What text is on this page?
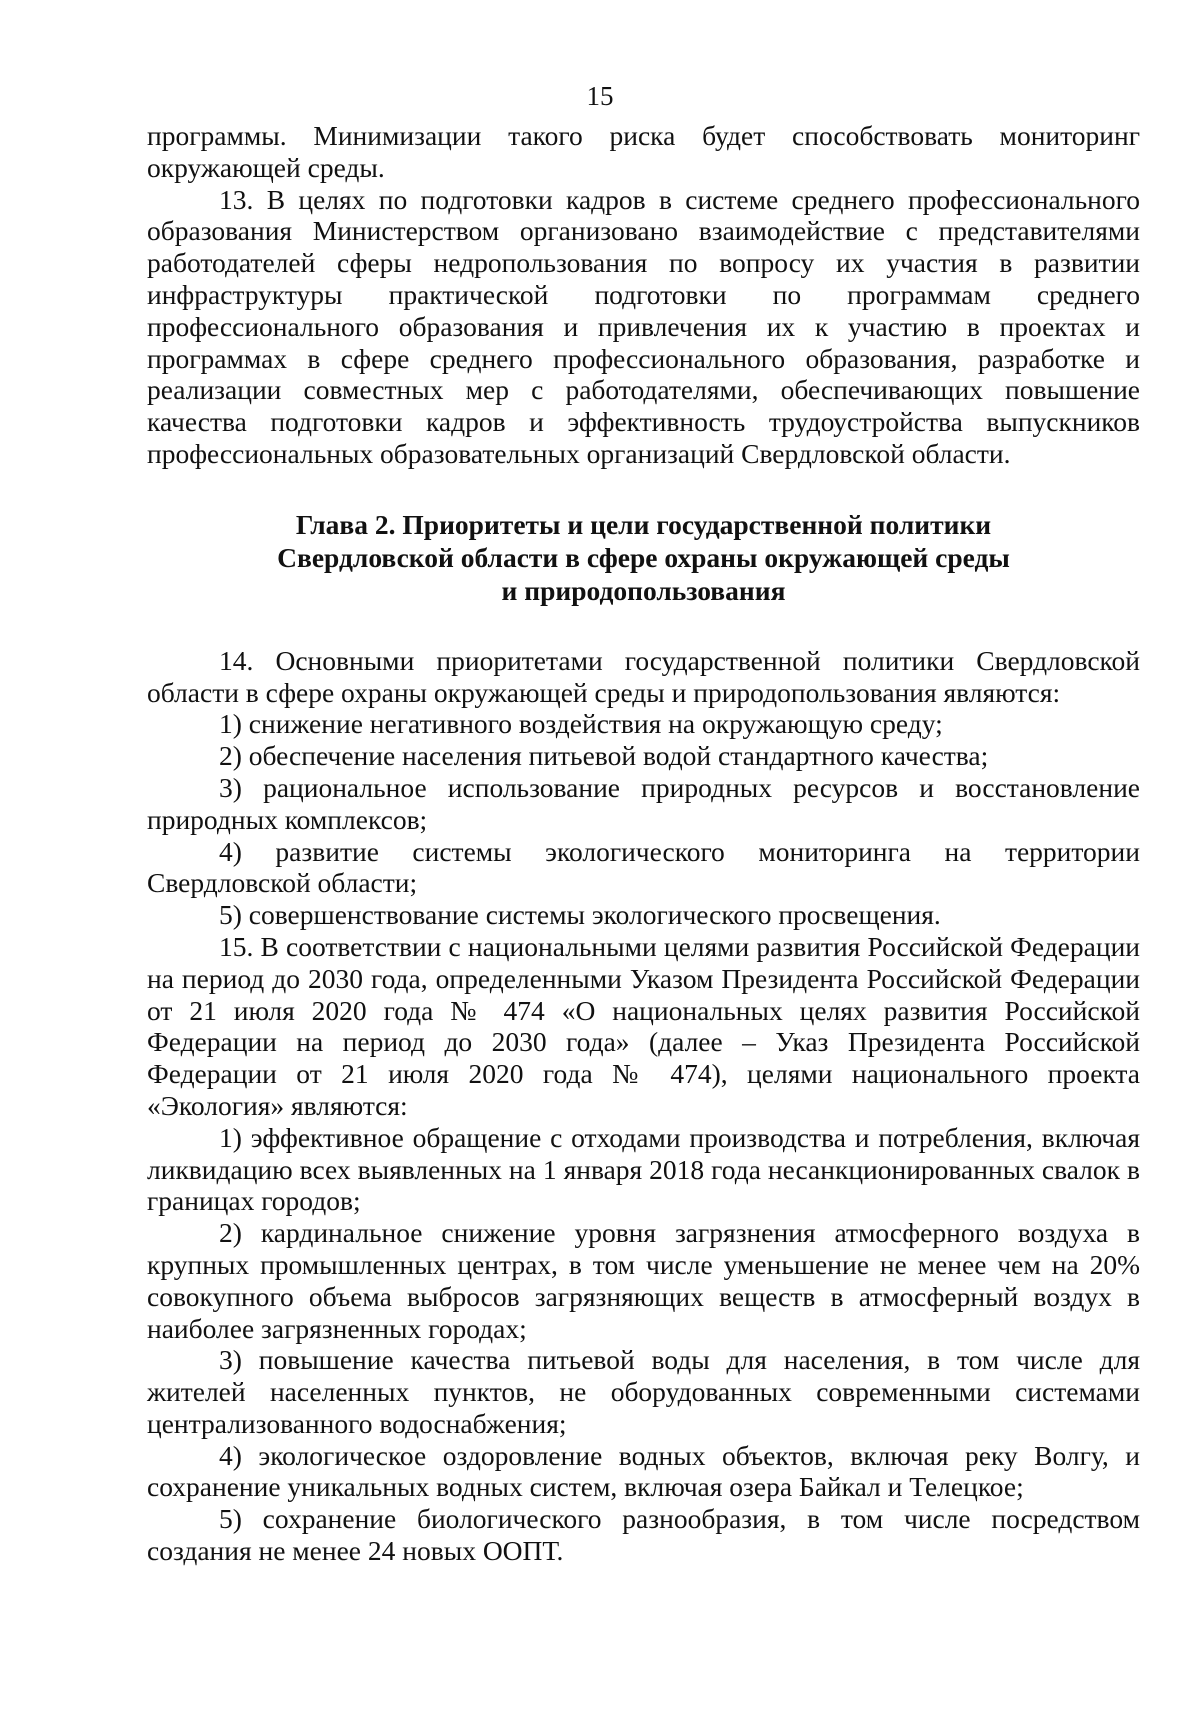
15

программы. Минимизации такого риска будет способствовать мониторинг окружающей среды.

13. В целях по подготовки кадров в системе среднего профессионального образования Министерством организовано взаимодействие с представителями работодателей сферы недропользования по вопросу их участия в развитии инфраструктуры практической подготовки по программам среднего профессионального образования и привлечения их к участию в проектах и программах в сфере среднего профессионального образования, разработке и реализации совместных мер с работодателями, обеспечивающих повышение качества подготовки кадров и эффективность трудоустройства выпускников профессиональных образовательных организаций Свердловской области.

Глава 2. Приоритеты и цели государственной политики
Свердловской области в сфере охраны окружающей среды
и природопользования

14. Основными приоритетами государственной политики Свердловской области в сфере охраны окружающей среды и природопользования являются:

1) снижение негативного воздействия на окружающую среду;

2) обеспечение населения питьевой водой стандартного качества;

3) рациональное использование природных ресурсов и восстановление природных комплексов;

4) развитие системы экологического мониторинга на территории Свердловской области;

5) совершенствование системы экологического просвещения.

15. В соответствии с национальными целями развития Российской Федерации на период до 2030 года, определенными Указом Президента Российской Федерации от 21 июля 2020 года № 474 «О национальных целях развития Российской Федерации на период до 2030 года» (далее – Указ Президента Российской Федерации от 21 июля 2020 года № 474), целями национального проекта «Экология» являются:

1) эффективное обращение с отходами производства и потребления, включая ликвидацию всех выявленных на 1 января 2018 года несанкционированных свалок в границах городов;

2) кардинальное снижение уровня загрязнения атмосферного воздуха в крупных промышленных центрах, в том числе уменьшение не менее чем на 20% совокупного объема выбросов загрязняющих веществ в атмосферный воздух в наиболее загрязненных городах;

3) повышение качества питьевой воды для населения, в том числе для жителей населенных пунктов, не оборудованных современными системами централизованного водоснабжения;

4) экологическое оздоровление водных объектов, включая реку Волгу, и сохранение уникальных водных систем, включая озера Байкал и Телецкое;

5) сохранение биологического разнообразия, в том числе посредством создания не менее 24 новых ООПТ.
